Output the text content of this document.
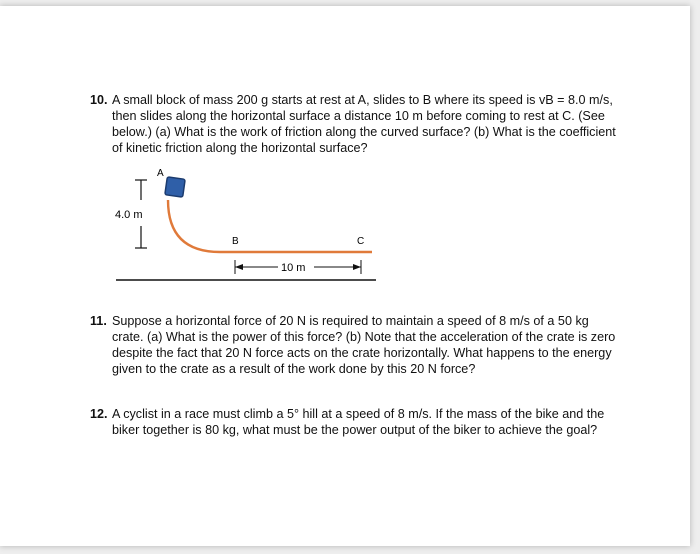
10. A small block of mass 200 g starts at rest at A, slides to B where its speed is vB = 8.0 m/s, then slides along the horizontal surface a distance 10 m before coming to rest at C. (See below.) (a) What is the work of friction along the curved surface? (b) What is the coefficient of kinetic friction along the horizontal surface?
4.0 m
A
B	C
10 m
11. Suppose a horizontal force of 20 N is required to maintain a speed of 8 m/s of a 50 kg crate. (a) What is the power of this force? (b) Note that the acceleration of the crate is zero despite the fact that 20 N force acts on the crate horizontally. What happens to the energy given to the crate as a result of the work done by this 20 N force?
12. A cyclist in a race must climb a 5° hill at a speed of 8 m/s. If the mass of the bike and the biker together is 80 kg, what must be the power output of the biker to achieve the goal?
